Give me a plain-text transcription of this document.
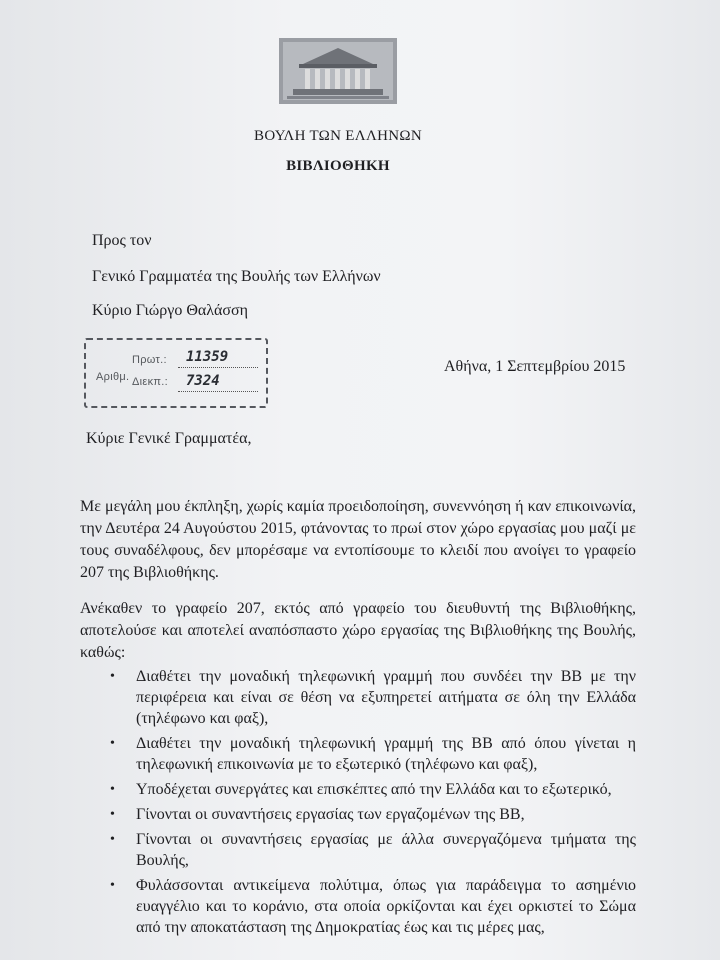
ΒΟΥΛΗ ΤΩΝ ΕΛΛΗΝΩΝ
ΒΙΒΛΙΟΘΗΚΗ
Προς τον
Γενικό Γραμματέα της Βουλής των Ελλήνων
Κύριο Γιώργο Θαλάσση
Αριθμ.
Πρωτ.:
Διεκπ.:
11359
7324
Αθήνα, 1 Σεπτεμβρίου 2015
Κύριε Γενικέ Γραμματέα,
Με μεγάλη μου έκπληξη, χωρίς καμία προειδοποίηση, συνεννόηση ή καν επικοινωνία, την Δευτέρα 24 Αυγούστου 2015, φτάνοντας το πρωί στον χώρο εργασίας μου μαζί με τους συναδέλφους, δεν μπορέσαμε να εντοπίσουμε το κλειδί που ανοίγει το γραφείο 207 της Βιβλιοθήκης.
Ανέκαθεν το γραφείο 207, εκτός από γραφείο του διευθυντή της Βιβλιοθήκης, αποτελούσε και αποτελεί αναπόσπαστο χώρο εργασίας της Βιβλιοθήκης της Βουλής, καθώς:
• Διαθέτει την μοναδική τηλεφωνική γραμμή που συνδέει την ΒΒ με την περιφέρεια και είναι σε θέση να εξυπηρετεί αιτήματα σε όλη την Ελλάδα (τηλέφωνο και φαξ),
• Διαθέτει την μοναδική τηλεφωνική γραμμή της ΒΒ από όπου γίνεται η τηλεφωνική επικοινωνία με το εξωτερικό (τηλέφωνο και φαξ),
• Υποδέχεται συνεργάτες και επισκέπτες από την Ελλάδα και το εξωτερικό,
• Γίνονται οι συναντήσεις εργασίας των εργαζομένων της ΒΒ,
• Γίνονται οι συναντήσεις εργασίας με άλλα συνεργαζόμενα τμήματα της Βουλής,
• Φυλάσσονται αντικείμενα πολύτιμα, όπως για παράδειγμα το ασημένιο ευαγγέλιο και το κοράνιο, στα οποία ορκίζονται και έχει ορκιστεί το Σώμα από την αποκατάσταση της Δημοκρατίας έως και τις μέρες μας,
